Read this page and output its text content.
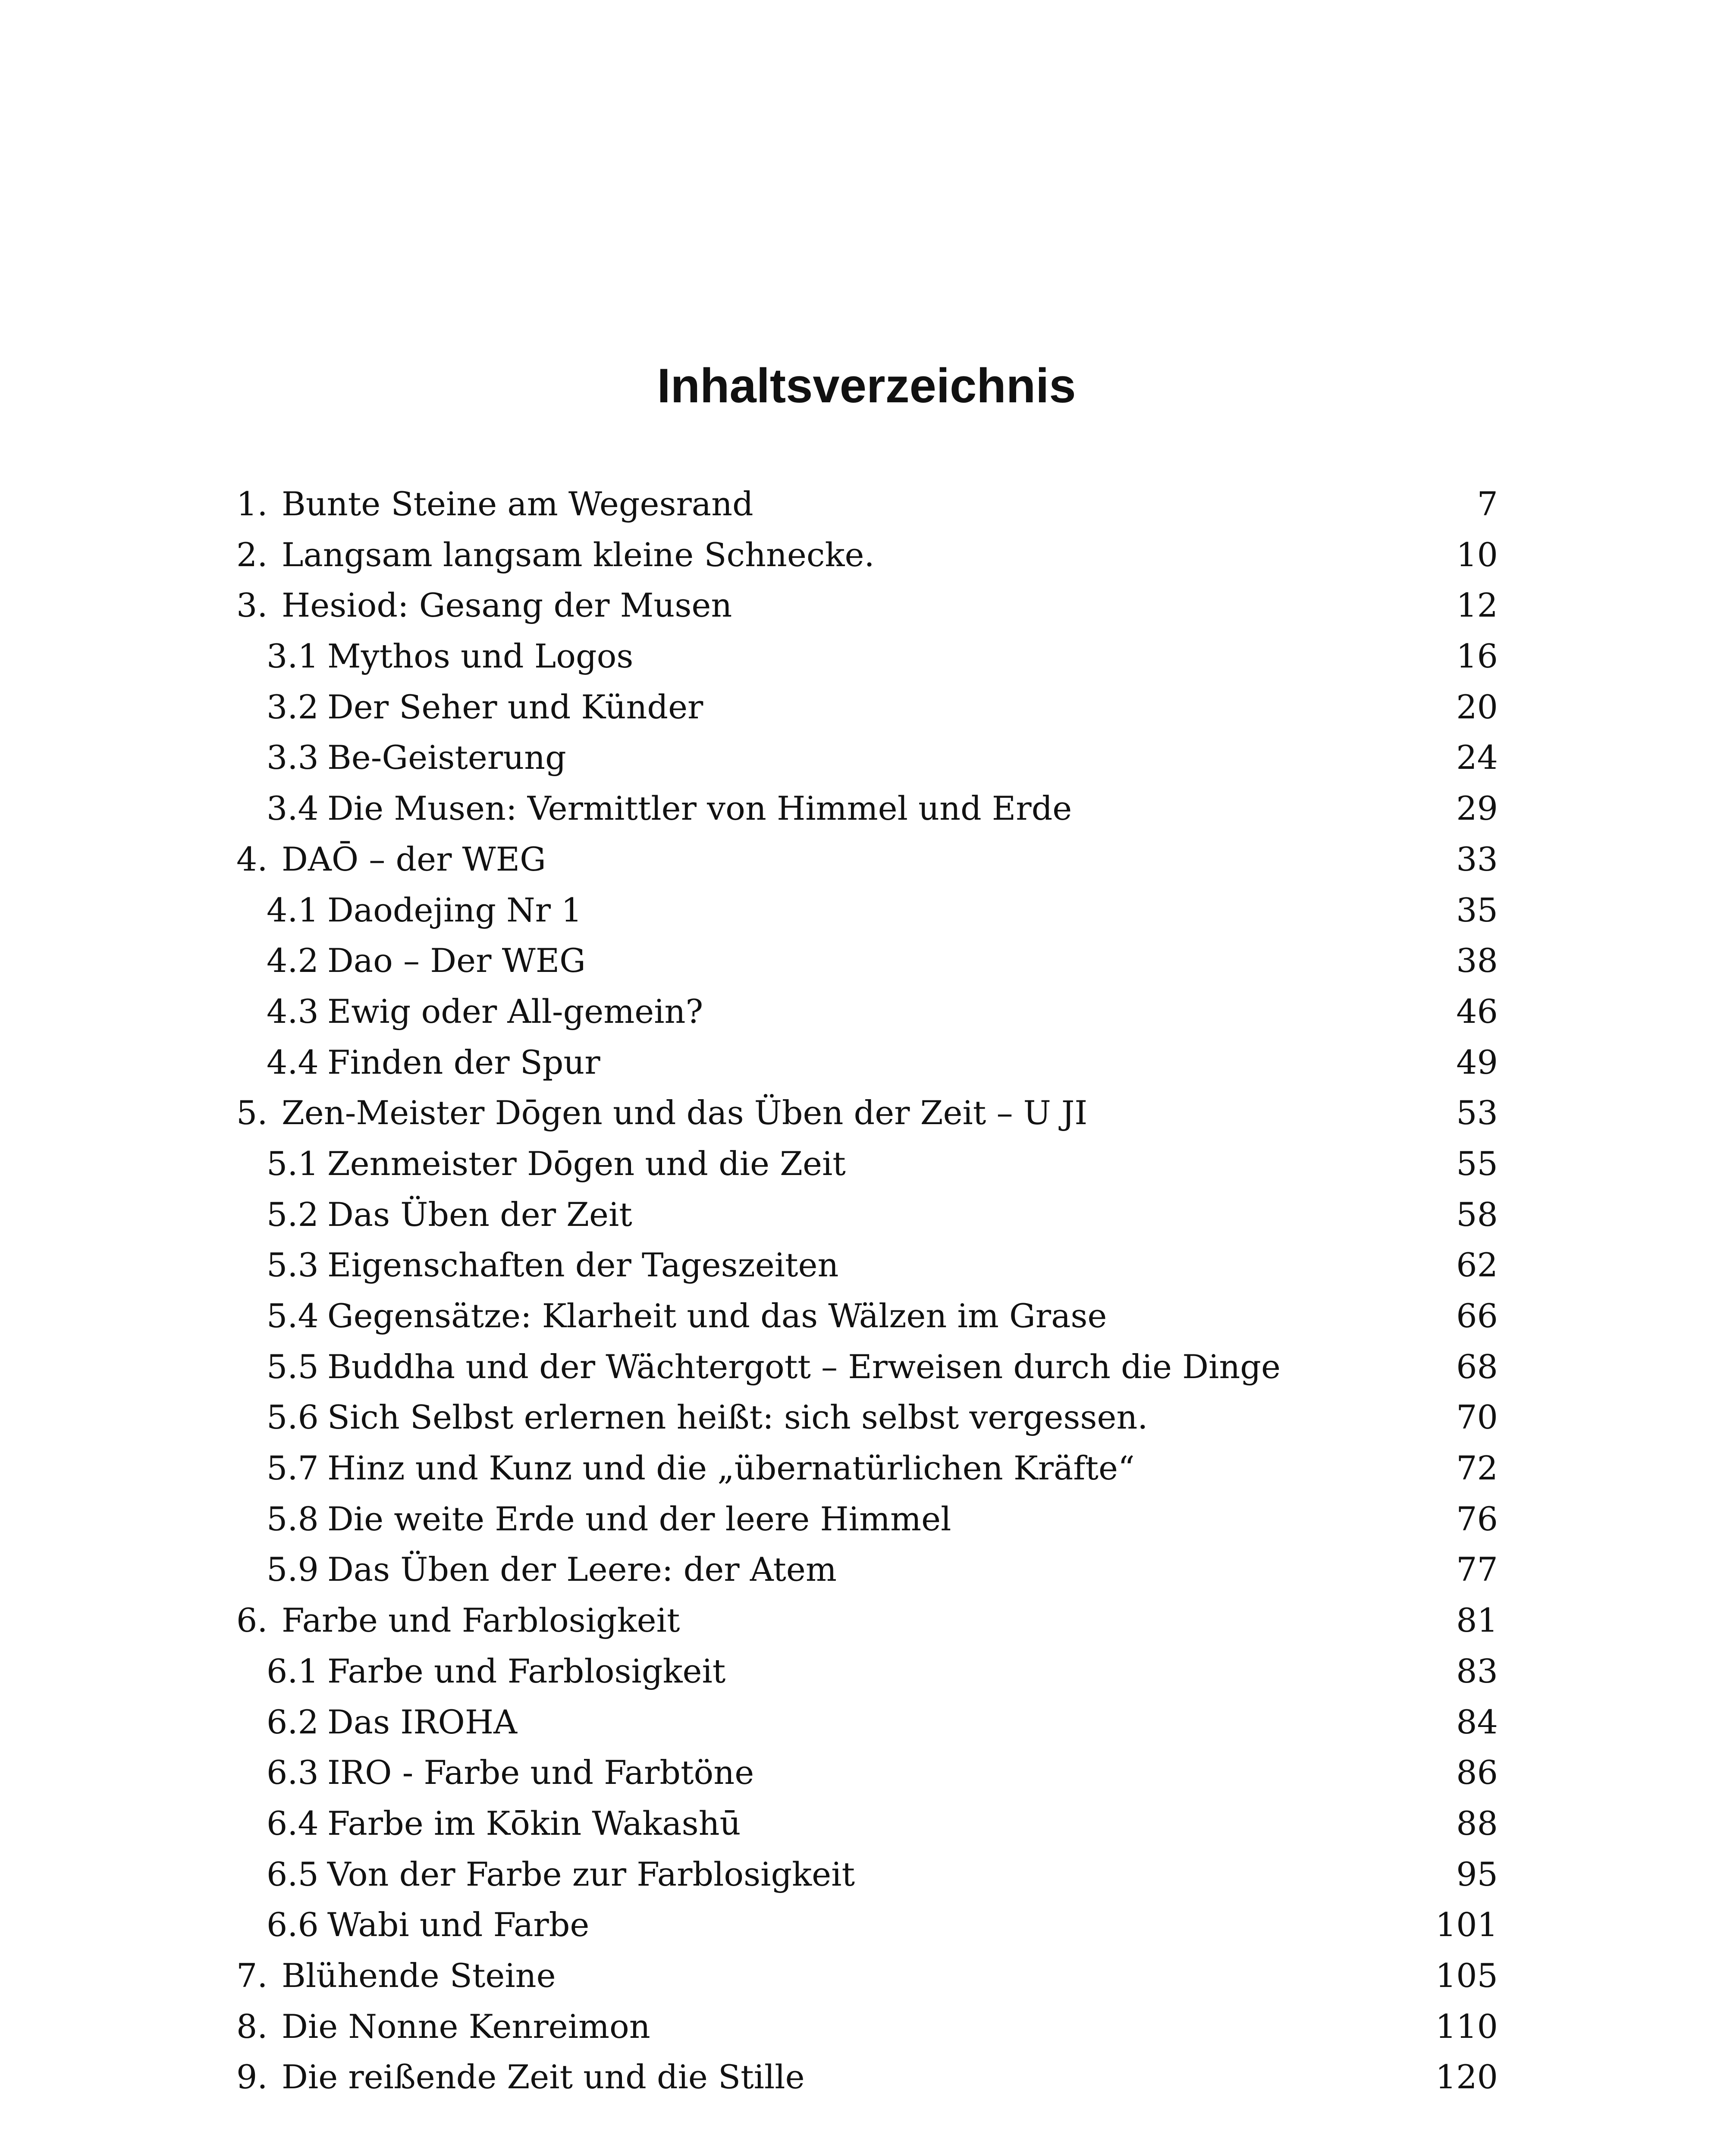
Inhaltsverzeichnis
1. Bunte Steine am Wegesrand	7
2. Langsam langsam kleine Schnecke.	10
3. Hesiod: Gesang der Musen	12
3.1 Mythos und Logos	16
3.2 Der Seher und Künder	20
3.3 Be-Geisterung	24
3.4 Die Musen: Vermittler von Himmel und Erde	29
4. DAŌ – der WEG	33
4.1 Daodejing Nr 1	35
4.2 Dao – Der WEG	38
4.3 Ewig oder All-gemein?	46
4.4 Finden der Spur	49
5. Zen-Meister Dōgen und das Üben der Zeit – U JI	53
5.1 Zenmeister Dōgen und die Zeit	55
5.2 Das Üben der Zeit	58
5.3 Eigenschaften der Tageszeiten	62
5.4 Gegensätze: Klarheit und das Wälzen im Grase	66
5.5 Buddha und der Wächtergott – Erweisen durch die Dinge	68
5.6 Sich Selbst erlernen heißt: sich selbst vergessen.	70
5.7 Hinz und Kunz und die „übernatürlichen Kräfte“	72
5.8 Die weite Erde und der leere Himmel	76
5.9 Das Üben der Leere: der Atem	77
6. Farbe und Farblosigkeit	81
6.1 Farbe und Farblosigkeit	83
6.2 Das IROHA	84
6.3 IRO - Farbe und Farbtöne	86
6.4 Farbe im Kōkin Wakashū	88
6.5 Von der Farbe zur Farblosigkeit	95
6.6 Wabi und Farbe	101
7. Blühende Steine	105
8. Die Nonne Kenreimon	110
9. Die reißende Zeit und die Stille	120
